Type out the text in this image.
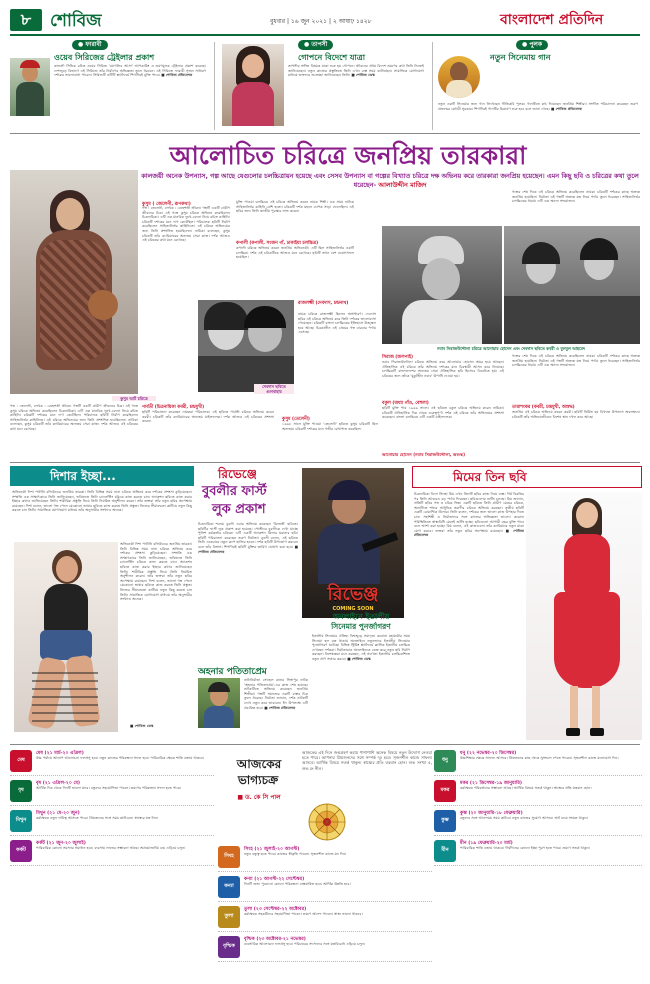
৮	শোবিজ	বুধবার | ১৬ জুন ২০২১ | ২ আষাঢ় ১৪২৮	বাংলাদেশ প্রতিদিন
● ফারাবী
ওয়েব সিরিজের ট্রেইলার প্রকাশ
কাজলী সিদ্দিক রচিত ওয়েব সিরিজ 'মোগলির আসা' আপকামিং ও ভ্রমণমূলক ট্রেইলার প্রকাশ করেছে। দেশজুড়ে বিভাগে এই সিরিজে তাঁর নির্মাণের অভিজ্ঞতা তুলে ধরবেন। এই সিরিজে ফারাবী সৃজন সাধারণ দর্শকের ভালোবাসা পাবেন। সিরিজটি ওটিটি প্ল্যাটফর্মে শিগগিরই মুক্তি পাবে। ■ শোবিজ প্রতিবেদক
● তাপসী
গোপনে বিদেশে যাত্রা
তাপসীর সঙ্গীত বিষয়ক যাত্রা শুরু হয় গোপনে। জীবনের প্রথম বিদেশ ভ্রমণের কথা তিনি নিজেই জানিয়েছেন। নতুন কাজের প্রস্তুতিতে তিনি এখন ব্যস্ত সময় কাটাচ্ছেন। সামাজিক যোগাযোগ মাধ্যমে ভক্তদের শুভেচ্ছা জানিয়েছেন তিনি। ■ শোবিজ ডেস্ক
● পুলক
নতুন সিনেমায় গান
নতুন একটি সিনেমার জন্য গান লিখেছেন গীতিকবি পুলক। গানটিতে কণ্ঠ দিয়েছেন জনপ্রিয় শিল্পীরা। সংগীত পরিচালনা করেছেন তরুণ প্রজন্মের মেধাবী সুরকার। শিগগিরই গানটির চিত্রায়ণ শুরু হবে বলে জানা গেছে। ■ শোবিজ প্রতিবেদক
আলোচিত চরিত্রে জনপ্রিয় তারকারা
কালজয়ী অনেক উপন্যাস, গল্প আছে যেগুলোর চলচ্চিত্রায়ন হয়েছে এবং সেসব উপন্যাস বা গল্পের বিখ্যাত চরিত্রে দক্ষ অভিনয় করে তারকারা জনপ্রিয় হয়েছেন। এমন কিছু ছবি ও চরিত্রের কথা তুলে ধরেছেন- আলাউদ্দীন মাজিদ
কুসুম আর্ট চরিত্রে
কুসুম ( জেলেনী, রূপকথা)
গল্প : তেলেনী, লেখক : বেহেশতী জীবন। গল্পটি একটি গ্রামীণ জীবনের চিত্র। এই গল্পে কুসুম চরিত্রে অভিনয় করেছিলেন চিত্রনায়িকা। এটি এক মানবিক দুঃখ-বেদনা নিয়ে রচিত কাহিনি। চরিত্রটি দর্শকের মনে দাগ কেটেছিল। পরিচালক ছবিটি নির্মাণ করেছিলেন সাহিত্যনির্ভর কাহিনিতে। এই চরিত্রে অভিনয়ের জন্য তিনি প্রশংসিত হয়েছিলেন। নায়িকা বলেছেন, কুসুম চরিত্রটি তাঁর ক্যারিয়ারের অন্যতম সেরা কাজ। দর্শক আজও এই চরিত্রের কথা মনে রেখেছে।
মুক্তি পাওয়া চলচ্চিত্রে এই চরিত্রে অভিনয় করেন নায়ক শিল্পী। এক সময় নাটকে সাহিত্যনির্ভর কাহিনি বেশি হতো। চরিত্রটি দর্শক মহলে ব্যাপক সাড়া ফেলেছিল। এই ছবির জন্য তিনি জাতীয় পুরস্কার লাভ করেন।
কপালী (কপালী, সংজন গাঁ, ঢাকাইয়া চলচ্চিত্র)
কপালী চরিত্রে অভিনয় করেন জনপ্রিয় অভিনেত্রী। এটি ছিল সাহিত্যনির্ভর একটি চলচ্চিত্র। দর্শক এই চরিত্রটিকে আজও মনে রেখেছে। ছবিটি তখন বেশ ব্যবসাসফল হয়েছিল।
দেবদাস ছবিতে গুলবাহার
রাজলক্ষ্মী (দেবদাস, চন্দ্রনাথ)
নায়ক চরিত্রে রাজলক্ষ্মী ছিলেন অসাধারণ। দেবদাস ছবির এই চরিত্রে অভিনয় করে তিনি দর্শকের ভালোবাসা পেয়েছেন। চরিত্রটি বাংলা চলচ্চিত্রের ইতিহাসে উজ্জ্বল হয়ে আছে। চিরকালীন এই প্রেমের গল্প বারবার পর্দায় এসেছে।
পার্বতী (চিত্রনায়িকা কবরী, চন্দ্রমুখী)
ছবিটি পরিচালনা করেছেন নামকরা পরিচালক। এই ছবিতে পার্বতী চরিত্রে অভিনয় করেন কবরী। চরিত্রটি তাঁর ক্যারিয়ারের অন্যতম মাইলফলক। দর্শক আজও এই চরিত্রের প্রশংসা করেন।	কুসুম (তেলেনী)
১৯৬৮ সালে মুক্তি পাওয়া 'তেলেনী' ছবিতে কুসুম চরিত্রটি ছিল অন্যতম। চরিত্রটি দর্শকের মনে গভীর রেখাপাত করেছিল।
গল্প : তেলেনী, লেখক : বেহেশতী জীবন। গল্পটি একটি গ্রামীণ জীবনের চিত্র। এই গল্পে কুসুম চরিত্রে অভিনয় করেছিলেন চিত্রনায়িকা। এটি এক মানবিক দুঃখ-বেদনা নিয়ে রচিত কাহিনি। চরিত্রটি দর্শকের মনে দাগ কেটেছিল। পরিচালক ছবিটি নির্মাণ করেছিলেন সাহিত্যনির্ভর কাহিনিতে। এই চরিত্রে অভিনয়ের জন্য তিনি প্রশংসিত হয়েছিলেন। নায়িকা বলেছেন, কুসুম চরিত্রটি তাঁর ক্যারিয়ারের অন্যতম সেরা কাজ। দর্শক আজও এই চরিত্রের কথা মনে রেখেছে।
নবাব সিরাজউদ্দৌলা চরিত্রে আনোয়ার হোসেন এবং দেবদাস ছবিতে কবরী ও বুলবুল আহমেদ
সিরাজ (জলপাই)
নবাব সিরাজউদ্দৌলা চরিত্রে অভিনয় করে আনোয়ার হোসেন অমর হয়ে আছেন। ঐতিহাসিক এই চরিত্রে তাঁর অভিনয় দর্শকের মনে চিরস্থায়ী আসন করে নিয়েছে। চলচ্চিত্রটি বাংলাদেশের অন্যতম সেরা ঐতিহাসিক ছবি হিসেবে বিবেচিত হয়। এই চরিত্রের জন্য তাঁকে 'মুকুটহীন নবাব' উপাধি দেওয়া হয়।
বকুল (অধ্যা গাঁও, বেহুলা)
ছবিটি মুক্তি পায় ১৯৬৯ সালে। এই ছবিতে বকুল চরিত্রে অভিনয় করেন নায়িকা। চরিত্রটি ঐতিহাসিক দিক থেকে গুরুত্বপূর্ণ। দর্শক এই চরিত্রে তাঁর অভিনয়ের প্রশংসা করেছেন। বাংলা চলচ্চিত্রে এটি একটি মাইলফলক।
আনোয়ার হোসেন (নবাব সিরাজউদ্দৌলা, অশুদ্ধ)
গল্পের শেষ দিকে এই চরিত্রে অভিনয় করেছিলেন নায়ক। চরিত্রটি দর্শকের কাছে অত্যন্ত জনপ্রিয় হয়েছিল। নির্মাতা এই গল্পটি অত্যন্ত যত্ন নিয়ে পর্দায় তুলে ধরেছেন। সাহিত্যনির্ভর চলচ্চিত্রের ধারায় এটি এক অনন্য সংযোজন।
তারাশংকর (কবরী, চন্দ্রমুখী, অশুদ্ধ)
জনপ্রিয় এই চরিত্রে অভিনয় করেন কবরী। ছবিটি নির্মিত হয় বিখ্যাত উপন্যাস অবলম্বনে। চরিত্রটি তাঁর অভিনয়জীবনে বিশেষ স্থান দখল করে আছে।
গল্পের শেষ দিকে এই চরিত্রে অভিনয় করেছিলেন নায়ক। চরিত্রটি দর্শকের কাছে অত্যন্ত জনপ্রিয় হয়েছিল। নির্মাতা এই গল্পটি অত্যন্ত যত্ন নিয়ে পর্দায় তুলে ধরেছেন। সাহিত্যনির্ভর চলচ্চিত্রের ধারায় এটি এক অনন্য সংযোজন।
দিশার ইচ্ছা...
অভিনেত্রী দিশা পাটানি বলিউডের জনপ্রিয় তারকা। তিনি বিভিন্ন সময় নানা চরিত্রে অভিনয় করে দর্শকের প্রশংসা কুড়িয়েছেন। সম্প্রতি এক সাক্ষাৎকারে তিনি জানিয়েছেন, ভবিষ্যতে তিনি চ্যালেঞ্জিং চরিত্রে কাজ করতে চান। অ্যাকশন ছবিতে কাজ করার ইচ্ছার কথাও জানিয়েছেন তিনি। শারীরিক প্রস্তুতি নিয়ে তিনি নিয়মিত অনুশীলন করেন। তাঁর ভক্তরা তাঁর নতুন ছবির অপেক্ষায় রয়েছেন। দিশা বলেন, ভালো গল্প পেলে যেকোনো ভাষার ছবিতে কাজ করতে তিনি প্রস্তুত। নিজের সীমাবদ্ধতা কাটিয়ে নতুন কিছু করতে চান তিনি। সামাজিক যোগাযোগ মাধ্যমে তাঁর অনুসারীর সংখ্যাও অনেক।
অভিনেত্রী দিশা পাটানি বলিউডের জনপ্রিয় তারকা। তিনি বিভিন্ন সময় নানা চরিত্রে অভিনয় করে দর্শকের প্রশংসা কুড়িয়েছেন। সম্প্রতি এক সাক্ষাৎকারে তিনি জানিয়েছেন, ভবিষ্যতে তিনি চ্যালেঞ্জিং চরিত্রে কাজ করতে চান। অ্যাকশন ছবিতে কাজ করার ইচ্ছার কথাও জানিয়েছেন তিনি। শারীরিক প্রস্তুতি নিয়ে তিনি নিয়মিত অনুশীলন করেন। তাঁর ভক্তরা তাঁর নতুন ছবির অপেক্ষায় রয়েছেন। দিশা বলেন, ভালো গল্প পেলে যেকোনো ভাষার ছবিতে কাজ করতে তিনি প্রস্তুত। নিজের সীমাবদ্ধতা কাটিয়ে নতুন কিছু করতে চান তিনি। সামাজিক যোগাযোগ মাধ্যমে তাঁর অনুসারীর সংখ্যাও অনেক।
■ শোবিজ ডেস্ক
রিভেঞ্জে
বুবলীর ফার্স্ট
লুক প্রকাশ
চিত্রনায়িকা শবনম বুবলী এবার অভিনয় করেছেন 'রিভেঞ্জ' ছবিতে। ছবিটির ফার্স্ট লুক প্রকাশ করা হয়েছে। পোস্টারে বুবলীকে দেখা যাচ্ছে পুলিশ কর্মকর্তার চরিত্রে। এটি একটি অ্যাকশন থ্রিলার ঘরানার ছবি। ছবিটি পরিচালনা করেছেন তরুণ নির্মাতা। বুবলী বলেন, এই ছবিতে তিনি একেবারে নতুন রূপে হাজির হবেন। দর্শক ছবিটি উপভোগ করবেন বলে তাঁর বিশ্বাস। শিগগিরই ছবিটি মুক্তির তারিখ ঘোষণা করা হবে। ■ শোবিজ প্রতিবেদক
রিভেঞ্জ
COMING SOON
অহনার পতিতাপ্রেম
নাট্যনির্মাতা সোহেল রানার সিঙ্গাপুর নাটক 'অহনার পতিতাপ্রেম'-এর কাজ শেষ হয়েছে। নাটকটিতে অভিনয় করেছেন জনপ্রিয় শিল্পীরা। গল্পটি সমাজের একটি বাস্তব চিত্র তুলে ধরেছে। নির্মাতা জানান, দর্শক নাটকটি দেখে নতুন করে ভাববেন। ঈদ উপলক্ষে এটি প্রচারিত হবে। ■ শোবিজ প্রতিবেদক
অনলাইনে ইতালীয়
সিনেমার পুনর্জাগরণ
ইতালীয় সিনেমার ঐতিহ্য বিশ্বজুড়ে সমাদৃত। করোনা মহামারীর সময় সিনেমা হল বন্ধ থাকায় অনলাইনে নতুনভাবে ইতালীয় সিনেমার পুনর্জাগরণ ঘটেছে। বিভিন্ন স্ট্রিমিং প্ল্যাটফর্মে ক্লাসিক ইতালীয় চলচ্চিত্র দেখছেন দর্শকরা। নির্মাতারাও অনলাইনকে কেন্দ্র করে নতুন ছবি নির্মাণ করছেন। বিশেষজ্ঞরা মনে করছেন, এই প্রবণতা ইতালীয় চলচ্চিত্রশিল্পে নতুন প্রাণ সঞ্চার করবে। ■ শোবিজ ডেস্ক
মিমের তিন ছবি
চিত্রনায়িকা বিদ্যা সিনহা মিম এখন তিনটি ছবির কাজ নিয়ে ব্যস্ত। দীর্ঘ বিরতির পর তিনি আবারও বড় পর্দায় ফিরছেন। ছবিগুলোর শুটিং চলছে। মিম জানান, প্রতিটি ছবির গল্প ও চরিত্র ভিন্ন। একটি ছবিতে তিনি গ্রামীণ মেয়ের চরিত্রে, অন্যটিতে শহুরে আধুনিক তরুণীর চরিত্রে অভিনয় করছেন। তৃতীয় ছবিটি একটি রোমান্টিক থ্রিলার। তিনি বলেন, দর্শকের জন্য ভালো কাজ উপহার দিতে চান। সহশিল্পী ও নির্মাতাদের সঙ্গে কাজের অভিজ্ঞতা ভালো। করোনা পরিস্থিতিতে স্বাস্থ্যবিধি মেনেই শুটিং হচ্ছে। ছবিগুলো আগামী বছর মুক্তি পাবে বলে আশা করা হচ্ছে। মিম বলেন, এই কাজগুলো তাঁর ক্যারিয়ারে নতুন মাত্রা যোগ করবে। ভক্তরা তাঁর নতুন ছবির অপেক্ষায় রয়েছেন। ■ শোবিজ প্রতিবেদক
আজকের
ভাগ্যচক্র
■ ড. কে সি পাল
আজকের এই দিনে জন্মগ্রহণ করায় পাশাপাশি অনেক বিষয়ে নতুন উদ্যোগ নেওয়া হতে পারে। আপনার প্রিয়জনদের সঙ্গে সম্পর্ক দৃঢ় হবে। সৃজনশীল কাজে সাফল্য আসবে। আর্থিক বিষয়ে সতর্ক থাকুন। স্বাস্থ্যের প্রতি যত্নবান হোন। শুভ সংখ্যা ৫, শুভ রং নীল।
মেষ
মেষ (২১ মার্চ-২০ এপ্রিল)
উচ্চ পর্যায়ে আলাপ আলোচনা ফলপ্রসূ হবে। নতুন কাজের পরিকল্পনা সফল হবে। পারিবারিক ক্ষেত্রে শান্তি বজায় থাকবে।
বৃষ
বৃষ (২১ এপ্রিল-২০ মে)
আর্থিক দিক থেকে দিনটি ভালো যাবে। বন্ধুদের সহযোগিতা পাবেন। ভ্রমণের পরিকল্পনা সফল হতে পারে।
মিথুন
মিথুন (২১ মে-২০ জুন)
কর্মক্ষেত্রে নতুন দায়িত্ব আসতে পারে। প্রিয়জনের সঙ্গে সময় কাটাবেন। স্বাস্থ্যের যত্ন নিন।
কর্কট
কর্কট (২১ জুন-২০ জুলাই)
পারিবারিক কোনো সমস্যার সমাধান হবে। ব্যবসায় লাভের সম্ভাবনা আছে। অপ্রয়োজনীয় ব্যয় এড়িয়ে চলুন।
সিংহ
সিংহ (২১ জুলাই-২০ আগস্ট)
নতুন বন্ধুত্ব হতে পারে। কাজের স্বীকৃতি পাবেন। সৃজনশীল কাজে মন দিন।
কন্যা
কন্যা (২১ আগস্ট-২২ সেপ্টেম্বর)
দিনটি শুভ। পুরোনো কোনো পরিকল্পনা বাস্তবায়িত হবে। আর্থিক উন্নতি হবে।
তুলা
তুলা (২৩ সেপ্টেম্বর-২২ অক্টোবর)
কর্মক্ষেত্রে সহকর্মীদের সহযোগিতা পাবেন। ভ্রমণে আনন্দ পাবেন। স্বাস্থ্য ভালো থাকবে।
বৃশ্চিক
বৃশ্চিক (২৩ অক্টোবর-২১ নভেম্বর)
ব্যবসায়িক আলোচনা ফলপ্রসূ হবে। পরিবারের সদস্যদের সঙ্গে মতবিরোধ এড়িয়ে চলুন।
ধনু
ধনু (২২ নভেম্বর-২০ ডিসেম্বর)
উচ্চশিক্ষার ক্ষেত্রে সাফল্য আসবে। প্রিয়জনের কাছ থেকে সুসংবাদ পেতে পারেন। সৃজনশীল কাজে মনোযোগ দিন।
মকর
মকর (২১ ডিসেম্বর-১৯ জানুয়ারি)
কর্মক্ষেত্রে পরিবর্তনের সম্ভাবনা আছে। আর্থিক বিষয়ে সতর্ক থাকুন। স্বাস্থ্যের প্রতি যত্নবান হোন।
কুম্ভ
কুম্ভ (২০ জানুয়ারি-১৮ ফেব্রুয়ারি)
বন্ধুদের সঙ্গে আনন্দময় সময় কাটবে। নতুন কাজের সুযোগ আসবে। অর্থ ব্যয়ে সংযত থাকুন।
মীন
মীন (১৯ ফেব্রুয়ারি-২০ মার্চ)
পারিবারিক শান্তি বজায় থাকবে। দীর্ঘদিনের কোনো ইচ্ছা পূরণ হতে পারে। ভ্রমণে সতর্ক থাকুন।
